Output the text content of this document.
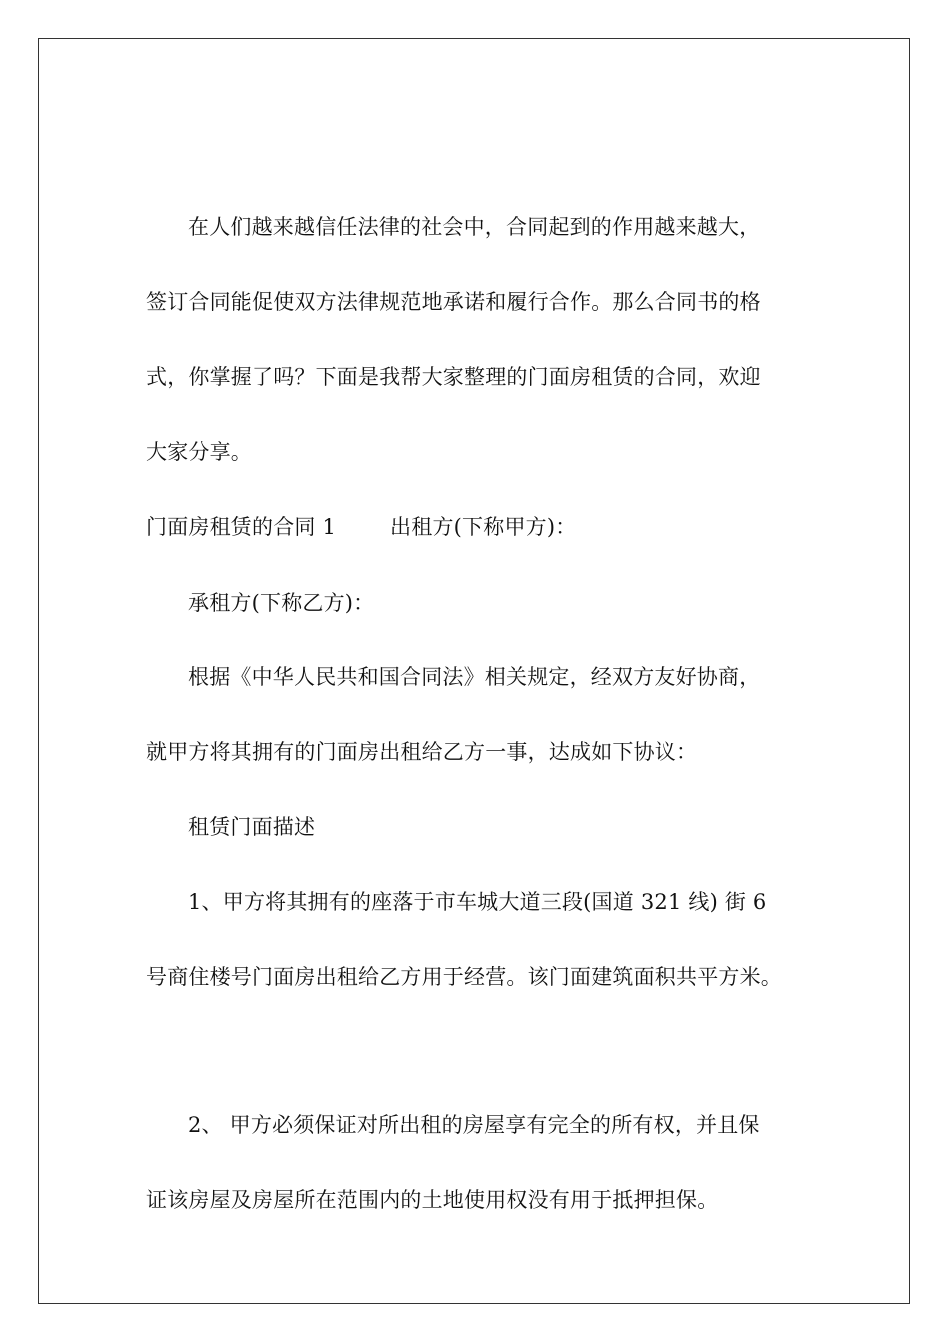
在人们越来越信任法律的社会中，合同起到的作用越来越大，
签订合同能促使双方法律规范地承诺和履行合作。那么合同书的格
式，你掌握了吗？下面是我帮大家整理的门面房租赁的合同，欢迎
大家分享。
门面房租赁的合同 1	出租方(下称甲方)：
承租方(下称乙方)：
根据《中华人民共和国合同法》相关规定，经双方友好协商，
就甲方将其拥有的门面房出租给乙方一事，达成如下协议：
租赁门面描述
1、甲方将其拥有的座落于市车城大道三段(国道 321 线) 街 6
号商住楼号门面房出租给乙方用于经营。该门面建筑面积共平方米。
2、 甲方必须保证对所出租的房屋享有完全的所有权，并且保
证该房屋及房屋所在范围内的土地使用权没有用于抵押担保。
